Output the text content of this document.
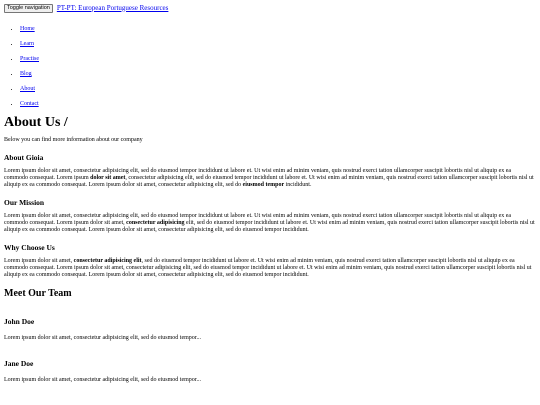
Toggle navigation	PT-PT: European Portuguese Resources
• Home
• Learn
• Practise
• Blog
• About
• Contact
About Us /

Below you can find more information about our company

About Gioia

Lorem ipsum dolor sit amet, consectetur adipisicing elit, sed do eiusmod tempor incididunt ut labore et. Ut wisi enim ad minim veniam, quis nostrud exerci tation ullamcorper suscipit lobortis nisl ut aliquip ex ea commodo consequat. Lorem ipsum dolor sit amet, consectetur adipisicing elit, sed do eiusmod tempor incididunt ut labore et. Ut wisi enim ad minim veniam, quis nostrud exerci tation ullamcorper suscipit lobortis nisl ut aliquip ex ea commodo consequat. Lorem ipsum dolor sit amet, consectetur adipisicing elit, sed do eiusmod tempor incididunt.

Our Mission

Lorem ipsum dolor sit amet, consectetur adipisicing elit, sed do eiusmod tempor incididunt ut labore et. Ut wisi enim ad minim veniam, quis nostrud exerci tation ullamcorper suscipit lobortis nisl ut aliquip ex ea commodo consequat. Lorem ipsum dolor sit amet, consectetur adipisicing elit, sed do eiusmod tempor incididunt ut labore et. Ut wisi enim ad minim veniam, quis nostrud exerci tation ullamcorper suscipit lobortis nisl ut aliquip ex ea commodo consequat. Lorem ipsum dolor sit amet, consectetur adipisicing elit, sed do eiusmod tempor incididunt.

Why Choose Us

Lorem ipsum dolor sit amet, consectetur adipisicing elit, sed do eiusmod tempor incididunt ut labore et. Ut wisi enim ad minim veniam, quis nostrud exerci tation ullamcorper suscipit lobortis nisl ut aliquip ex ea commodo consequat. Lorem ipsum dolor sit amet, consectetur adipisicing elit, sed do eiusmod tempor incididunt ut labore et. Ut wisi enim ad minim veniam, quis nostrud exerci tation ullamcorper suscipit lobortis nisl ut aliquip ex ea commodo consequat. Lorem ipsum dolor sit amet, consectetur adipisicing elit, sed do eiusmod tempor incididunt.

Meet Our Team
John Doe

Lorem ipsum dolor sit amet, consectetur adipisicing elit, sed do eiusmod tempor...

Jane Doe

Lorem ipsum dolor sit amet, consectetur adipisicing elit, sed do eiusmod tempor...
